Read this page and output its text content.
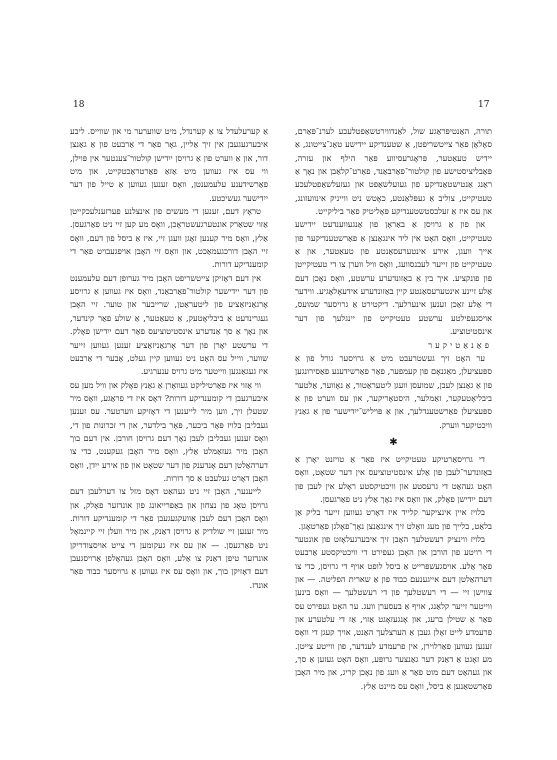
18	17

תורה, האַנטיפּראַגע שול, לאַנדווירטשאַפטלעכע לערנ־פּאַרם, סאָלאָן פאַר צייטשריפטן, אַ שטענדיקע יידישע טאָג־צייטונג, אַ יידיש טעאַטער, פּראָגרעסיווע פּאַר הילף און עזרה, פּאַבליציסטישע פון קולטור־פאַרבאַנד, פאַרט־קלאַבן און נאָך אַ ראַנג אַנטישטאַנדיקע פון געזעלשאַפט און געזעלשאַפטלעכע טעטיקייט, צוליב אַ געפּלאַנטע, כאָטש ניט ווייניק אינוועזונג, און עס איז אַ זעלבסטשטענדיקע פּאָליטיק פאַר ביליקייט.

און פון אַ גרויסן אַ באַראָן פון אַנגעווענדעט יידישע טעטיקייט, וואָס האָט אין ליד אינגאַנצן אַ פאַרשטענדיקער פון אייך וועגן, אירע אינטערעסאַנטע פון טעאַטער, און אַ טעטיקייט פון זייער לעבנסוועג, וואָס וויל ווערן צו די טעטיקייטן פון פונקציע. איך בין אַ באַזונדערע ערשטע, וואָס נאָכן דעם אַלע זיינע אינטערעסאַנטע קיין באַזונדערע אידעאָלאָגיע. ווידער די אַלע זאַכן זענען אינערלעך. דיקטירט אַ גרויסער שמועס, אויסגעפילטע ערשטע טעטיקייט פון יינגלעך פון דער אינסטיטוציע.

פאַנאַטיקער

ער האָט זיך געשטרעבט מיט אַ גרויסער גורל פון אַ ספּעציעלן, מאַגנאָם פון קעמפער, פאַר פאַרשידענע פאַסירונגען פון אַ גאַנצן לעבן, שמועסן וועגן ליטעראַטור, אַ נאָווער, אַלטער ביבליאָטעקער, זאַמלער, היסטאָריקער, און עס ווערט פון אַ ספּעציעלן פאַרשטענדלעך, און אַ פּויליש־ייִדישער פון אַ גאַנץ וויכטיקער ווערק.

✱

די גרויסאַרטיקע טעטיקייט איז פאַר אַ טויזנט יאָרן אַ באַזונדער־לעבן פון אַלע אינסטיטוציעס אין דער שטאָט, וואָס האָט געהאַט די גרעסטע און וויכטיקסטע ראָלע אין לעבן פון דעם ייִדישן פאָלק, און וואָס איז נאָך אַלץ ניט פאַרגעסן.

בלויז איין אינציקער קלייד איז דאָרט געווען זייער בליק אַן בלאַט, בלייך פון מעג וואָלט זיך אינגאַנצן נאָך־פאָלגן פאַרטאָגן.

בלויז ווינציק רעשטלעך האָבן זיך איבערגעלאָזט פון אונטער די רויטע פון הורבן און האָבן געפירט די וויכטיקסטע אַרבעט פאַר אַלע. אויסגעשפּרייט אַ ביסל לופט אויף די גרויסן, כדי צו דערהאַלטן דעם אייגענעם כבוד פון אַ שארית הפליטה. — און צווישן זיי — די רעשטלעך פון די רעשטלעך — וואָס בינען ווייטער זייער קלאַנג, אויף אַ בעסערן וועג. ער האָט געפירט עס פאַר אַ שטילן ברעג, און אָנגעזאָגט אַזוי, אַז די עלטערע און פרעמדע לייט זאָלן געבן אַ הערצלעך האַנט, אויך קעגן די וואָס זענען געווען פאַרלוירן, אין פרעמדע לענדער, פון ווייטע צייטן. מע זאָגט אַ דאַנק דער גאַנצער גרופּע, וואָס האָט געזען אַ סך, און געהאַט דעם מוט פאַר אַ וועג פון נאָכן קריג, און מיר האָבן פאַרשטאַנען אַ ביסל, וואָס עס מיינט אַלץ.

אַ קערעלעדל צו אַ קערנדל, מיט שווערער מי און שווייס. ליבע איבערגעגעבן אין זיך אַליין, גאָר פאַר די אַרבעט פון אַ גאַנצן דור, און אַ ווערט פון אַ גרויסן ייִדישן קולטור־צענטער אין פּוילן, ווי עס איז געווען מיט אַזאַ פאַרטראַכטקייט, און מיט פאַרשידענע עלעמענטן, וואָס זענען געווען אַ טייל פון דער ייִדישער געשיכטע.

טראָץ דעם, זענען די מעשים פון אינצלנע פערזענלעכקייטן אַזוי שטאַרק אונטערגעשטראָכן, וואָס מע קען זיי ניט פאַרגעסן. אַלץ, וואָס מיר קענען זאָגן וועגן זיי, איז אַ ביסל פון דעם, וואָס זיי האָבן דורכגעמאַכט, און וואָס זיי האָבן אויפגעבויט פאַר די קומענדיקע דורות.

אין דעם דאָזיקן צייטשריפט האָבן מיר גערופן דעם עלעמענט פון דער יידישער קולטור־פאַרבאַנד, וואָס איז געווען אַ גרויסע אָרגאַניזאַציע פון ליטעראַטן, שרייבער און טוער. זיי האָבן געגרינדעט אַ ביבליאָטעק, אַ טעאַטער, אַ שולע פאַר קינדער, און נאָך אַ סך אַנדערע אינסטיטוציעס פאַר דעם ייִדישן פאָלק. די ערשטע יאָרן פון דער אָרגאַניזאַציע זענען געווען זייער שווער, ווייל עס האָט ניט געווען קיין געלט, אָבער די אַרבעט איז געגאַנגען ווייטער מיט גרויס ענערגיע.

ווי אַזוי איז פאַרטיליקט געוואָרן אַ גאַנץ פאָלק און וויל מען עס איבערגעבן די קומענדיקע דורות? דאָס איז די פראַגע, וואָס מיר שטעלן זיך, ווען מיר לייענען די דאָזיקע ווערטער. עס זענען געבליבן בלויז פּאָר ביכער, פּאָר בילדער, און די זכרונות פון די, וואָס זענען געבליבן לעבן נאָך דעם גרויסן חורבן. אין דעם בוך האָבן מיר געזאַמלט אַלץ, וואָס מיר האָבן געקענט, כדי צו דערהאַלטן דעם אָנדענק פון דער שטאָט און פון אירע ייִדן, וואָס האָבן דאָרט געלעבט אַ סך דורות.

לייענער, האָבן זיי ניט געהאַט דאָס מזל צו דערלעבן דעם גרויסן טאָג פון נצחון און באַפרייאונג פון אונדזער פאָלק, און וואָס האָבן דעם לעבן אַוועקגעגעבן פאַר די קומענדיקע דורות. מיר זענען זיי שולדיק אַ גרויסן דאַנק, און מיר וועלן זיי קיינמאָל ניט פאַרגעסן. — און עס איז געקומען די צייט אויסצודריקן אונדזער טיפן דאַנק צו אַלע, וואָס האָבן געהאָלפן אַרויסגעבן דעם דאָזיקן בוך, און וואָס עס איז געווען אַ גרויסער כבוד פאַר אונדז.
